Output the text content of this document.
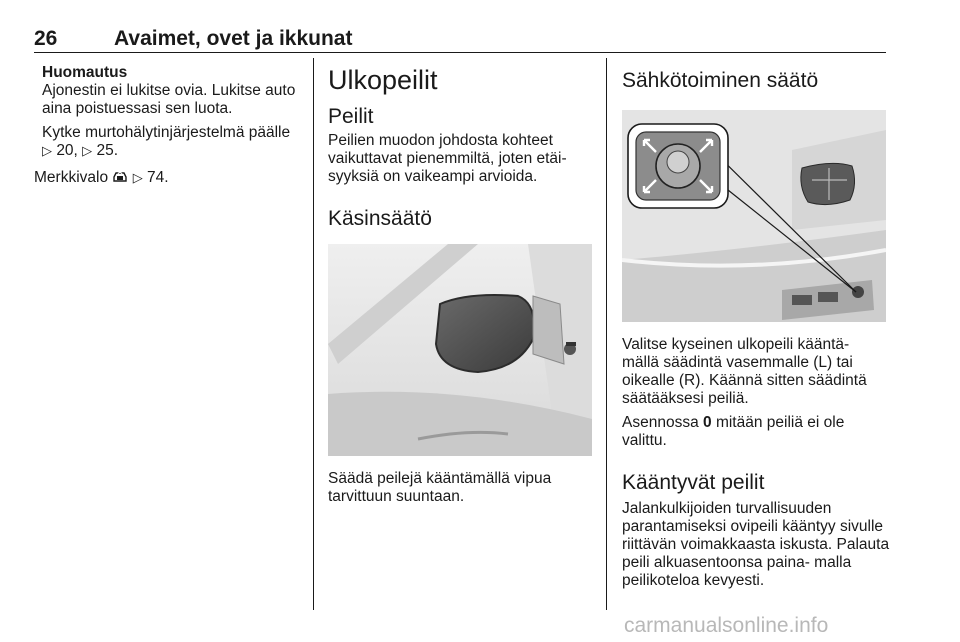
26	Avaimet, ovet ja ikkunat
Huomautus

Ajonestin ei lukitse ovia. Lukitse auto aina poistuessasi sen luota.

Kytke murtohälytinjärjestelmä päälle
▷ 20, ▷ 25.

Merkkivalo ▷ 74.

Ulkopeilit
Peilit

Peilien muodon johdosta kohteet vaikuttavat pienemmiltä, joten etäi- syyksiä on vaikeampi arvioida.

Käsinsäätö

Säädä peilejä kääntämällä vipua tarvittuun suuntaan.

Sähkötoiminen säätö

Valitse kyseinen ulkopeili kääntä- mällä säädintä vasemmalle (L) tai oikealle (R). Käännä sitten säädintä säätääksesi peiliä.

Asennossa 0 mitään peiliä ei ole valittu.

Kääntyvät peilit

Jalankulkijoiden turvallisuuden parantamiseksi ovipeili kääntyy sivulle riittävän voimakkaasta iskusta. Palauta peili alkuasentoonsa paina- malla peilikoteloa kevyesti.

carmanualsonline.info
